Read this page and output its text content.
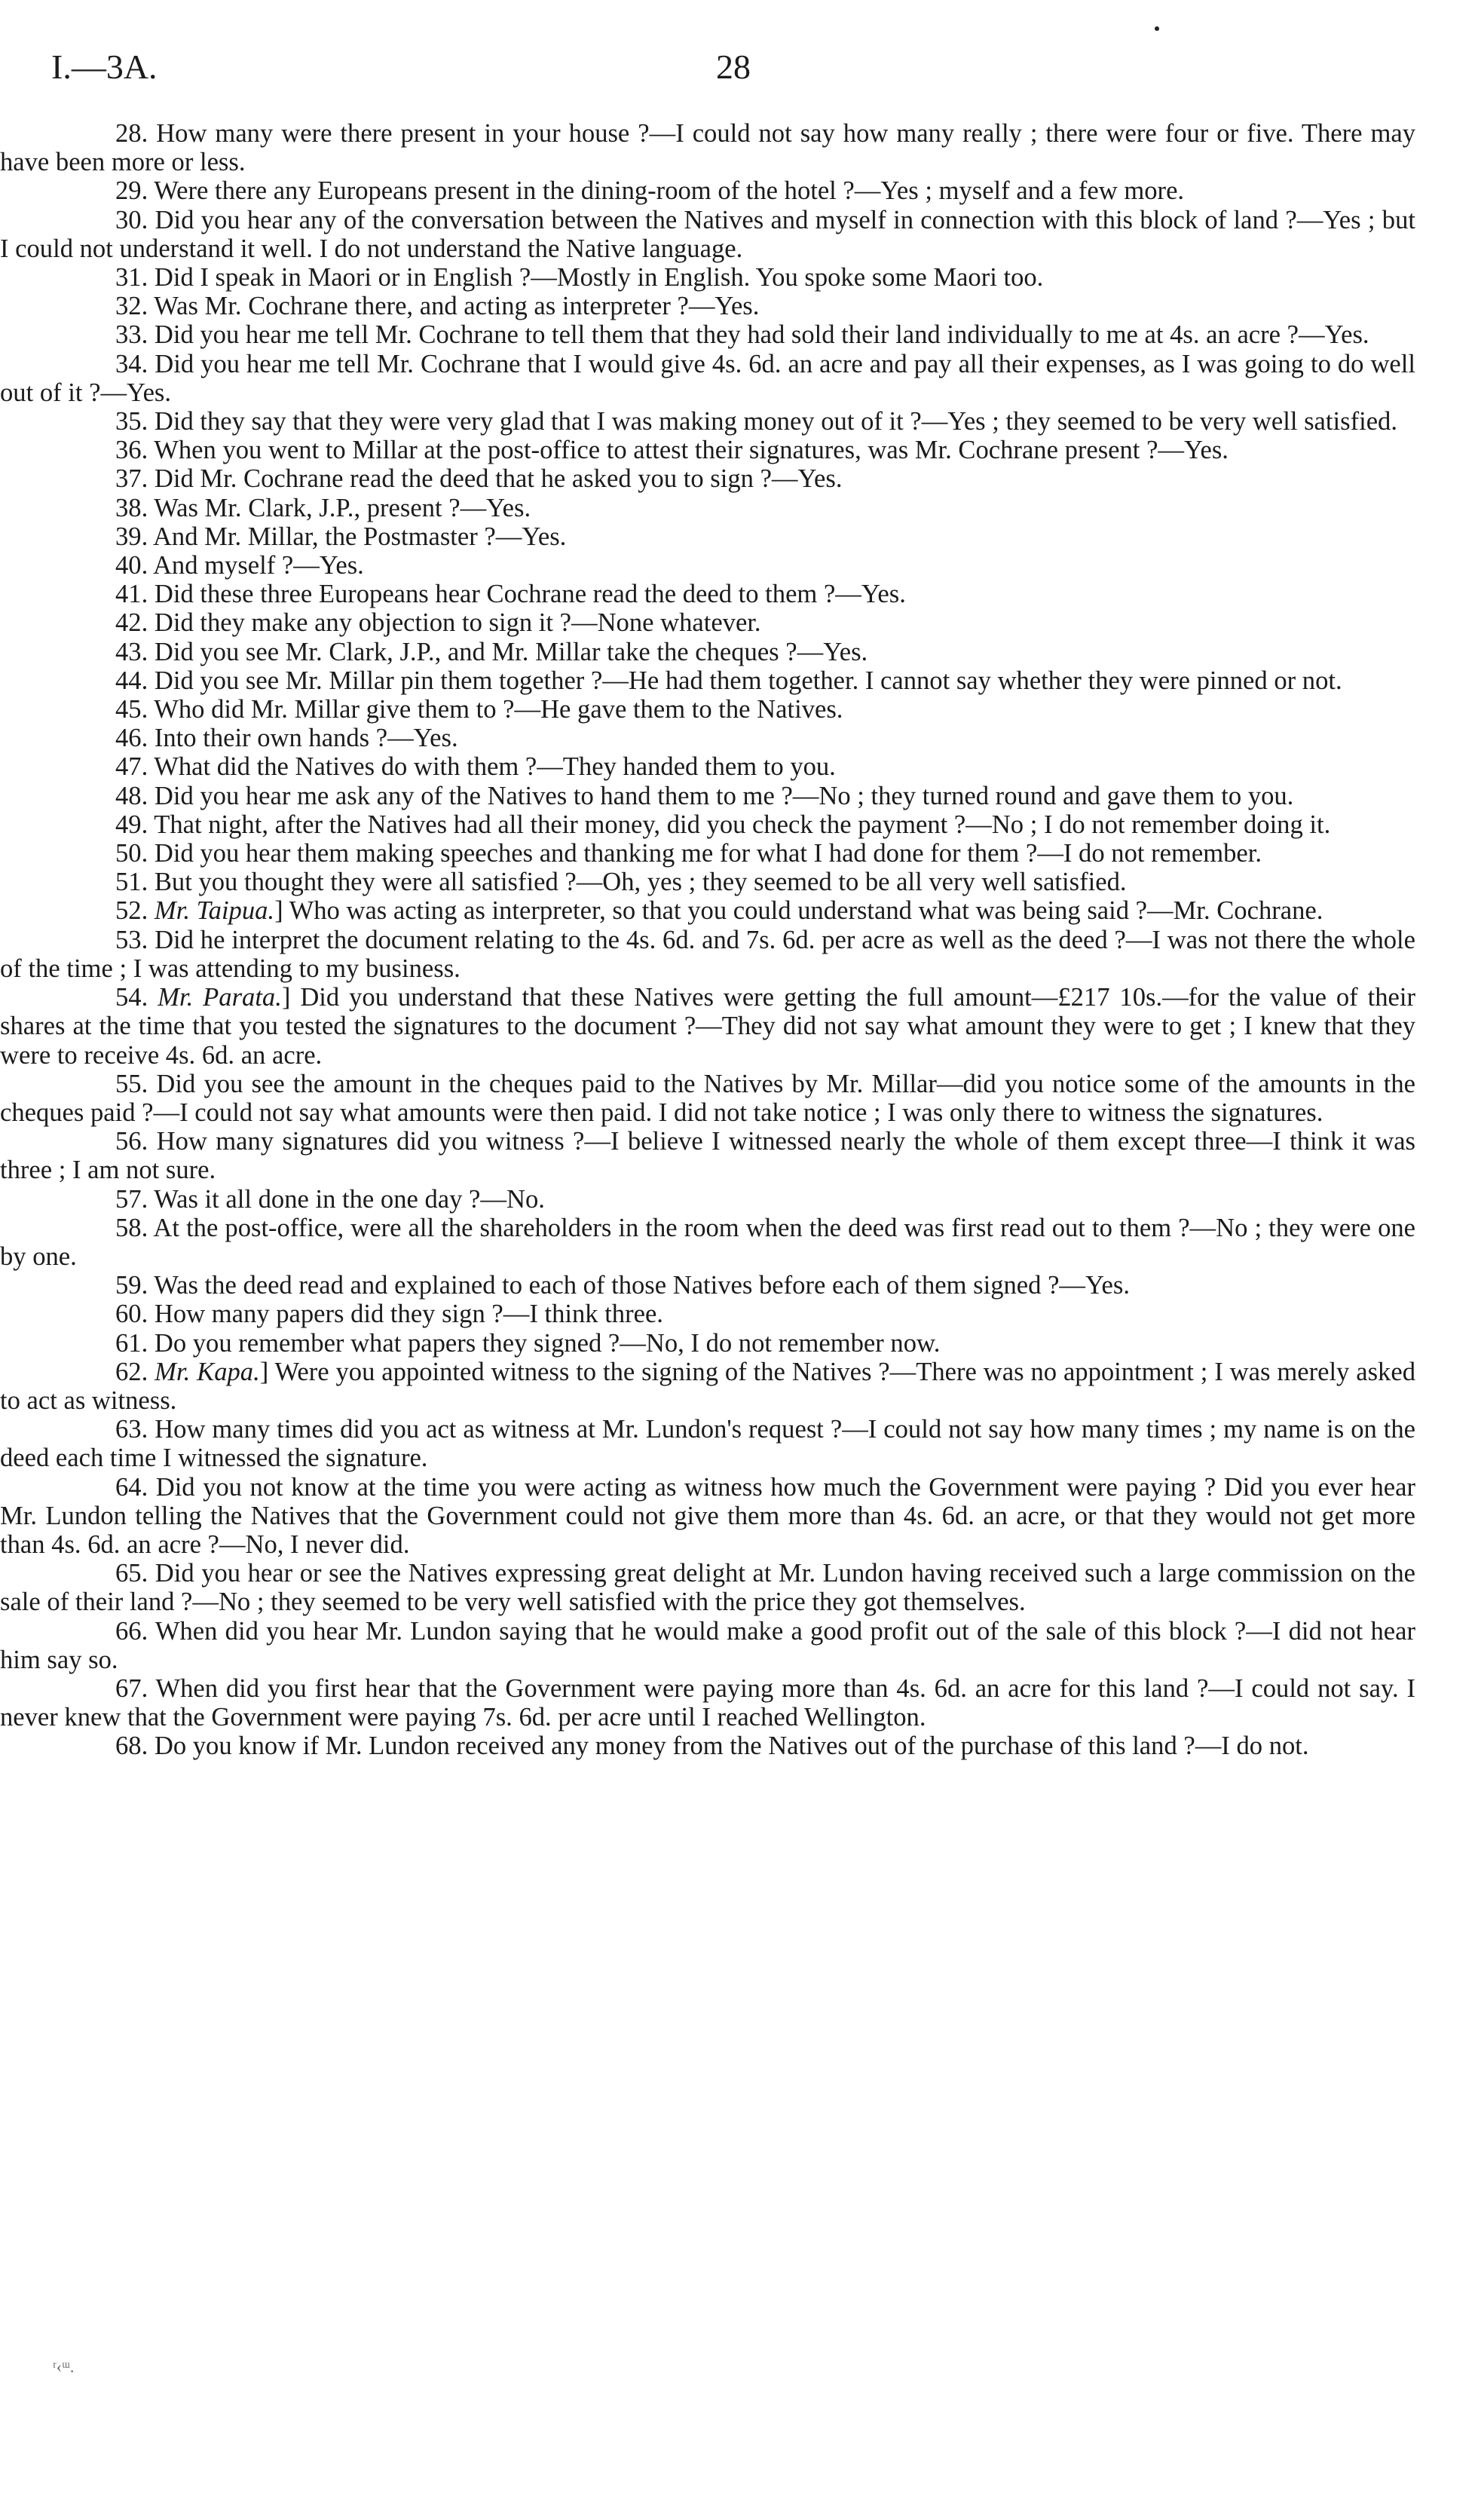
I.—3A.	28

28. How many were there present in your house ?—I could not say how many really ; there were four or five. There may have been more or less.

29. Were there any Europeans present in the dining-room of the hotel ?—Yes ; myself and a few more.

30. Did you hear any of the conversation between the Natives and myself in connection with this block of land ?—Yes ; but I could not understand it well. I do not understand the Native language.

31. Did I speak in Maori or in English ?—Mostly in English. You spoke some Maori too.

32. Was Mr. Cochrane there, and acting as interpreter ?—Yes.

33. Did you hear me tell Mr. Cochrane to tell them that they had sold their land individually to me at 4s. an acre ?—Yes.

34. Did you hear me tell Mr. Cochrane that I would give 4s. 6d. an acre and pay all their expenses, as I was going to do well out of it ?—Yes.

35. Did they say that they were very glad that I was making money out of it ?—Yes ; they seemed to be very well satisfied.

36. When you went to Millar at the post-office to attest their signatures, was Mr. Cochrane present ?—Yes.

37. Did Mr. Cochrane read the deed that he asked you to sign ?—Yes.

38. Was Mr. Clark, J.P., present ?—Yes.

39. And Mr. Millar, the Postmaster ?—Yes.

40. And myself ?—Yes.

41. Did these three Europeans hear Cochrane read the deed to them ?—Yes.

42. Did they make any objection to sign it ?—None whatever.

43. Did you see Mr. Clark, J.P., and Mr. Millar take the cheques ?—Yes.

44. Did you see Mr. Millar pin them together ?—He had them together. I cannot say whether they were pinned or not.

45. Who did Mr. Millar give them to ?—He gave them to the Natives.

46. Into their own hands ?—Yes.

47. What did the Natives do with them ?—They handed them to you.

48. Did you hear me ask any of the Natives to hand them to me ?—No ; they turned round and gave them to you.

49. That night, after the Natives had all their money, did you check the payment ?—No ; I do not remember doing it.

50. Did you hear them making speeches and thanking me for what I had done for them ?—I do not remember.

51. But you thought they were all satisfied ?—Oh, yes ; they seemed to be all very well satisfied.

52. Mr. Taipua.] Who was acting as interpreter, so that you could understand what was being said ?—Mr. Cochrane.

53. Did he interpret the document relating to the 4s. 6d. and 7s. 6d. per acre as well as the deed ?—I was not there the whole of the time ; I was attending to my business.

54. Mr. Parata.] Did you understand that these Natives were getting the full amount—£217 10s.—for the value of their shares at the time that you tested the signatures to the document ?—They did not say what amount they were to get ; I knew that they were to receive 4s. 6d. an acre.

55. Did you see the amount in the cheques paid to the Natives by Mr. Millar—did you notice some of the amounts in the cheques paid ?—I could not say what amounts were then paid. I did not take notice ; I was only there to witness the signatures.

56. How many signatures did you witness ?—I believe I witnessed nearly the whole of them except three—I think it was three ; I am not sure.

57. Was it all done in the one day ?—No.

58. At the post-office, were all the shareholders in the room when the deed was first read out to them ?—No ; they were one by one.

59. Was the deed read and explained to each of those Natives before each of them signed ?—Yes.

60. How many papers did they sign ?—I think three.

61. Do you remember what papers they signed ?—No, I do not remember now.

62. Mr. Kapa.] Were you appointed witness to the signing of the Natives ?—There was no appointment ; I was merely asked to act as witness.

63. How many times did you act as witness at Mr. Lundon's request ?—I could not say how many times ; my name is on the deed each time I witnessed the signature.

64. Did you not know at the time you were acting as witness how much the Government were paying ? Did you ever hear Mr. Lundon telling the Natives that the Government could not give them more than 4s. 6d. an acre, or that they would not get more than 4s. 6d. an acre ?—No, I never did.

65. Did you hear or see the Natives expressing great delight at Mr. Lundon having received such a large commission on the sale of their land ?—No ; they seemed to be very well satisfied with the price they got themselves.

66. When did you hear Mr. Lundon saying that he would make a good profit out of the sale of this block ?—I did not hear him say so.

67. When did you first hear that the Government were paying more than 4s. 6d. an acre for this land ?—I could not say. I never knew that the Government were paying 7s. 6d. per acre until I reached Wellington.

68. Do you know if Mr. Lundon received any money from the Natives out of the purchase of this land ?—I do not.

ʳ‹ᵚ.
